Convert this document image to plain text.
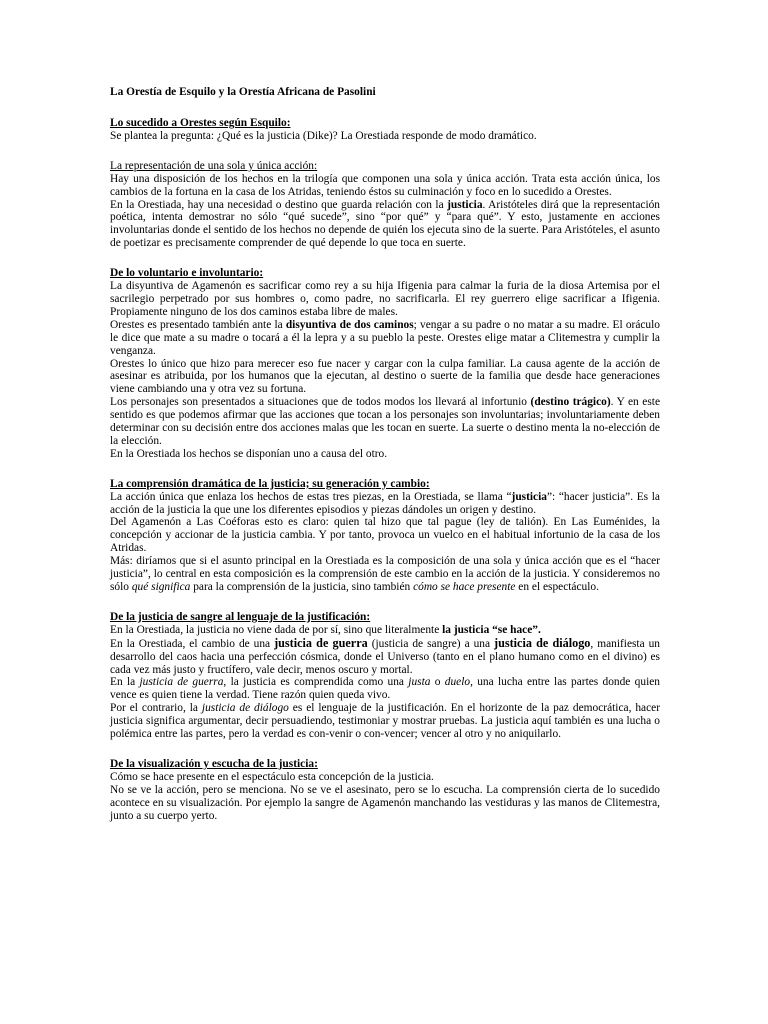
La Orestía de Esquilo y la Orestía Africana de Pasolini

Lo sucedido a Orestes según Esquilo:

Se plantea la pregunta: ¿Qué es la justicia (Dike)? La Orestiada responde de modo dramático.

La representación de una sola y única acción:

Hay una disposición de los hechos en la trilogía que componen una sola y única acción. Trata esta acción única, los cambios de la fortuna en la casa de los Atridas, teniendo éstos su culminación y foco en lo sucedido a Orestes.

En la Orestiada, hay una necesidad o destino que guarda relación con la justicia. Aristóteles dirá que la representación poética, intenta demostrar no sólo “qué sucede”, sino “por qué” y “para qué”. Y esto, justamente en acciones involuntarias donde el sentido de los hechos no depende de quién los ejecuta sino de la suerte. Para Aristóteles, el asunto de poetizar es precisamente comprender de qué depende lo que toca en suerte.

De lo voluntario e involuntario:

La disyuntiva de Agamenón es sacrificar como rey a su hija Ifigenia para calmar la furia de la diosa Artemisa por el sacrilegio perpetrado por sus hombres o, como padre, no sacrificarla. El rey guerrero elige sacrificar a Ifigenia. Propiamente ninguno de los dos caminos estaba libre de males.

Orestes es presentado también ante la disyuntiva de dos caminos; vengar a su padre o no matar a su madre. El oráculo le dice que mate a su madre o tocará a él la lepra y a su pueblo la peste. Orestes elige matar a Clitemestra y cumplir la venganza.

Orestes lo único que hizo para merecer eso fue nacer y cargar con la culpa familiar. La causa agente de la acción de asesinar es atribuida, por los humanos que la ejecutan, al destino o suerte de la familia que desde hace generaciones viene cambiando una y otra vez su fortuna.

Los personajes son presentados a situaciones que de todos modos los llevará al infortunio (destino trágico). Y en este sentido es que podemos afirmar que las acciones que tocan a los personajes son involuntarias; involuntariamente deben determinar con su decisión entre dos acciones malas que les tocan en suerte. La suerte o destino menta la no-elección de la elección.

En la Orestiada los hechos se disponían uno a causa del otro.

La comprensión dramática de la justicia; su generación y cambio:

La acción única que enlaza los hechos de estas tres piezas, en la Orestiada, se llama “justicia”: “hacer justicia”. Es la acción de la justicia la que une los diferentes episodios y piezas dándoles un origen y destino.

Del Agamenón a Las Coéforas esto es claro: quien tal hizo que tal pague (ley de talión). En Las Euménides, la concepción y accionar de la justicia cambia. Y por tanto, provoca un vuelco en el habitual infortunio de la casa de los Atridas.

Más: diríamos que si el asunto principal en la Orestiada es la composición de una sola y única acción que es el “hacer justicia”, lo central en esta composición es la comprensión de este cambio en la acción de la justicia. Y consideremos no sólo qué significa para la comprensión de la justicia, sino también cómo se hace presente en el espectáculo.

De la justicia de sangre al lenguaje de la justificación:

En la Orestiada, la justicia no viene dada de por sí, sino que literalmente la justicia “se hace”.

En la Orestiada, el cambio de una justicia de guerra (justicia de sangre) a una justicia de diálogo, manifiesta un desarrollo del caos hacia una perfección cósmica, donde el Universo (tanto en el plano humano como en el divino) es cada vez más justo y fructífero, vale decir, menos oscuro y mortal.

En la justicia de guerra, la justicia es comprendida como una justa o duelo, una lucha entre las partes donde quien vence es quien tiene la verdad. Tiene razón quien queda vivo.

Por el contrario, la justicia de diálogo es el lenguaje de la justificación. En el horizonte de la paz democrática, hacer justicia significa argumentar, decir persuadiendo, testimoniar y mostrar pruebas. La justicia aquí también es una lucha o polémica entre las partes, pero la verdad es con-venir o con-vencer; vencer al otro y no aniquilarlo.

De la visualización y escucha de la justicia:

Cómo se hace presente en el espectáculo esta concepción de la justicia.

No se ve la acción, pero se menciona. No se ve el asesinato, pero se lo escucha. La comprensión cierta de lo sucedido acontece en su visualización. Por ejemplo la sangre de Agamenón manchando las vestiduras y las manos de Clitemestra, junto a su cuerpo yerto.
